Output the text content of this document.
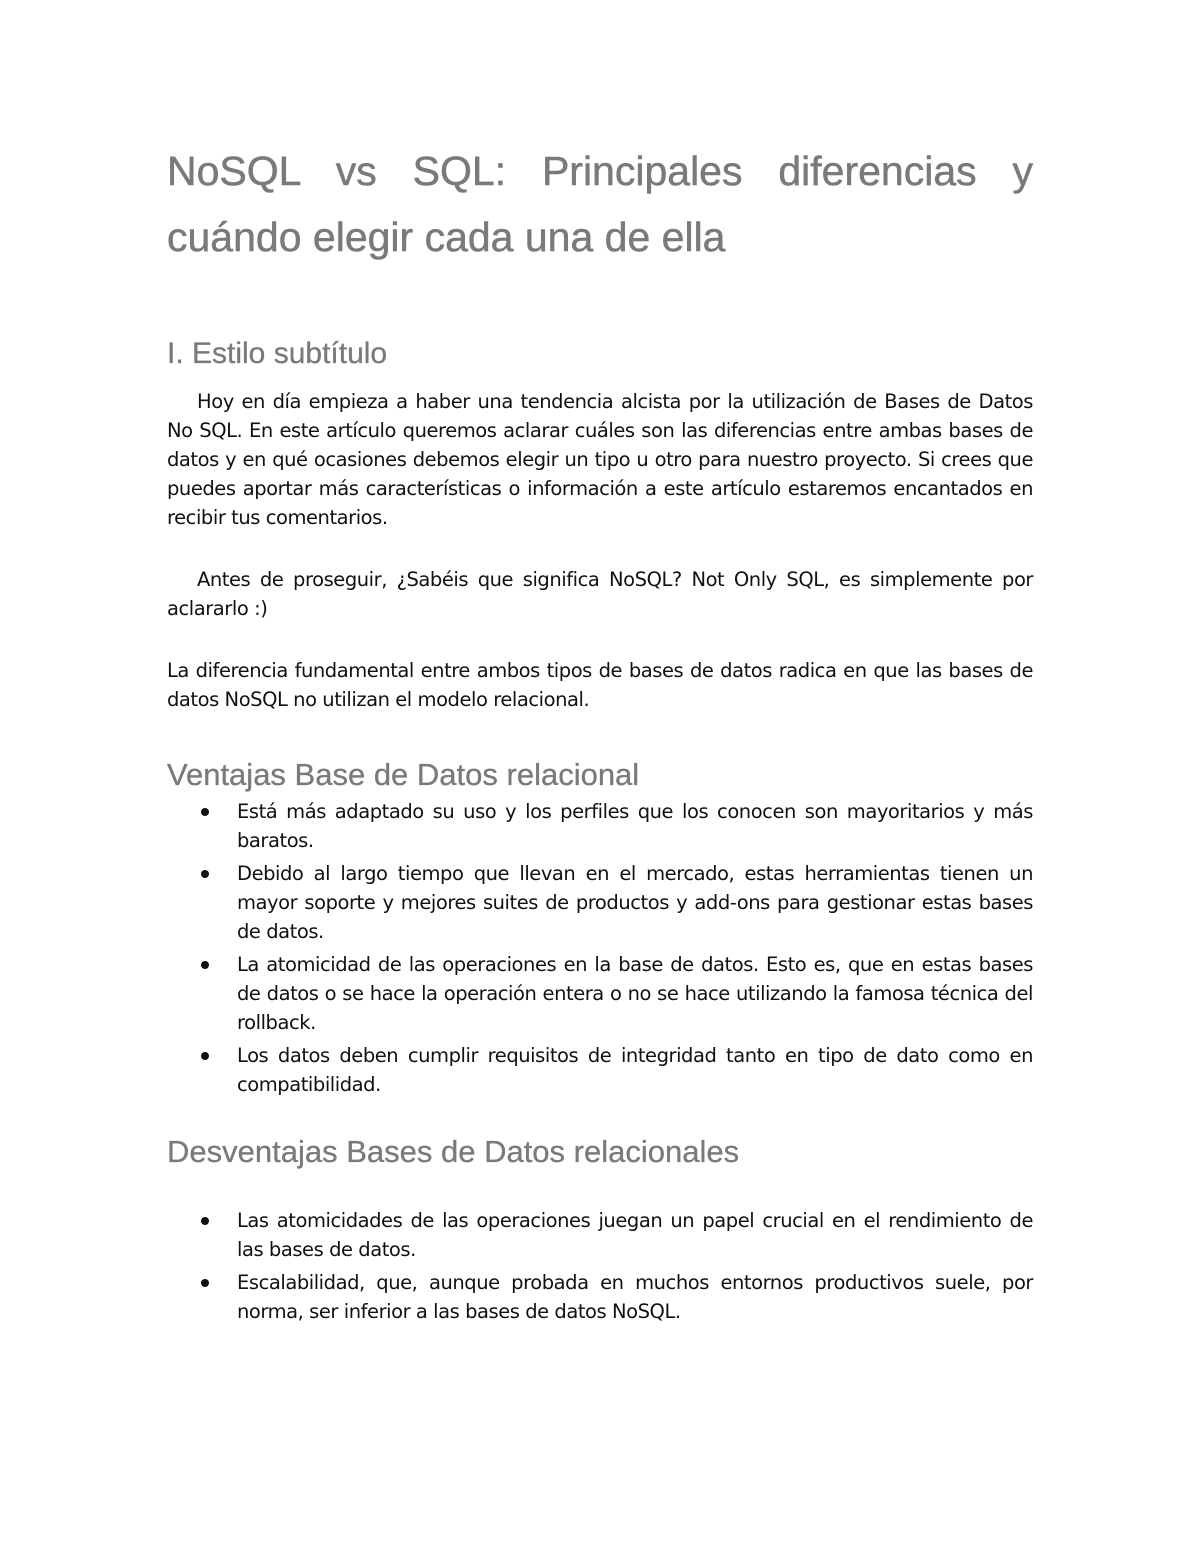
NoSQL vs SQL: Principales diferencias y cuándo elegir cada una de ella
I. Estilo subtítulo

Hoy en día empieza a haber una tendencia alcista por la utilización de Bases de Datos No SQL. En este artículo queremos aclarar cuáles son las diferencias entre ambas bases de datos y en qué ocasiones debemos elegir un tipo u otro para nuestro proyecto. Si crees que puedes aportar más características o información a este artículo estaremos encantados en recibir tus comentarios.

Antes de proseguir, ¿Sabéis que significa NoSQL? Not Only SQL, es simplemente por aclararlo :)

La diferencia fundamental entre ambos tipos de bases de datos radica en que las bases de datos NoSQL no utilizan el modelo relacional.

Ventajas Base de Datos relacional
Está más adaptado su uso y los perfiles que los conocen son mayoritarios y más baratos.
Debido al largo tiempo que llevan en el mercado, estas herramientas tienen un mayor soporte y mejores suites de productos y add-ons para gestionar estas bases de datos.
La atomicidad de las operaciones en la base de datos. Esto es, que en estas bases de datos o se hace la operación entera o no se hace utilizando la famosa técnica del rollback.
Los datos deben cumplir requisitos de integridad tanto en tipo de dato como en compatibilidad.
Desventajas Bases de Datos relacionales
Las atomicidades de las operaciones juegan un papel crucial en el rendimiento de las bases de datos.
Escalabilidad, que, aunque probada en muchos entornos productivos suele, por norma, ser inferior a las bases de datos NoSQL.
